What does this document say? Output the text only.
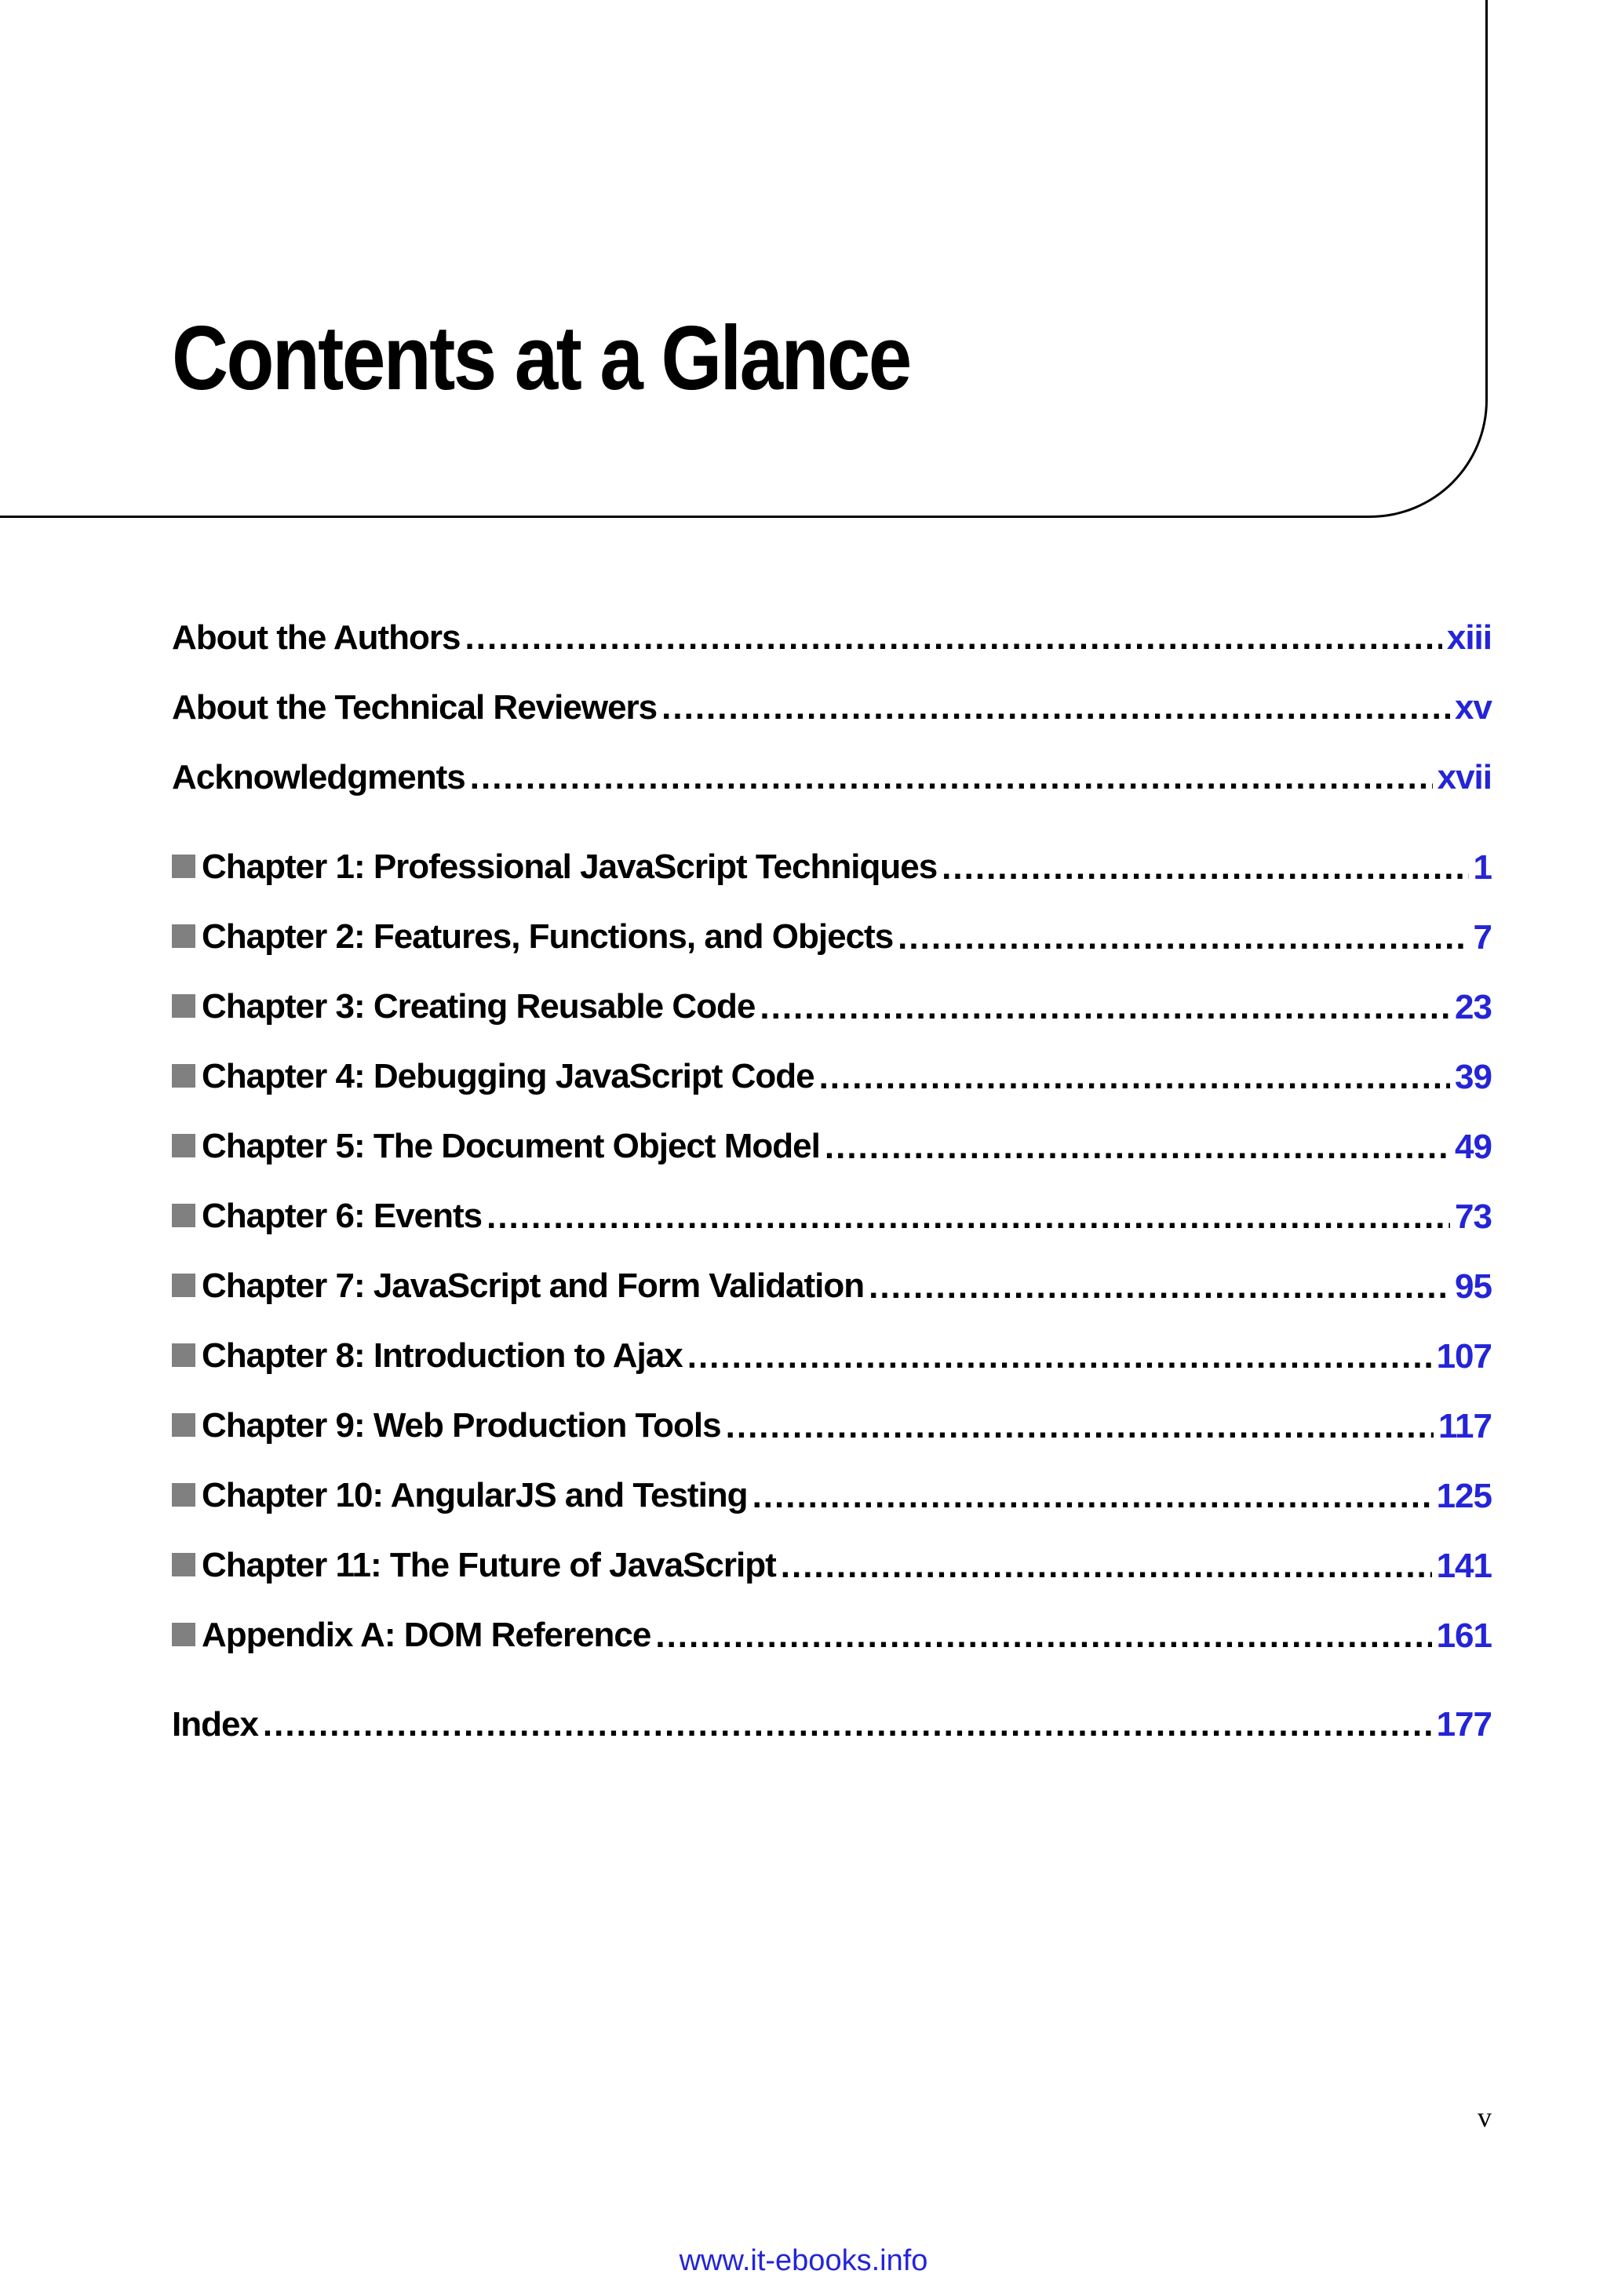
Contents at a Glance
About the Authors .....	xiii
About the Technical Reviewers .....	xv
Acknowledgments .....	xvii
Chapter 1: Professional JavaScript Techniques .....	1
Chapter 2: Features, Functions, and Objects .....	7
Chapter 3: Creating Reusable Code .....	23
Chapter 4: Debugging JavaScript Code .....	39
Chapter 5: The Document Object Model .....	49
Chapter 6: Events .....	73
Chapter 7: JavaScript and Form Validation .....	95
Chapter 8: Introduction to Ajax .....	107
Chapter 9: Web Production Tools .....	117
Chapter 10: AngularJS and Testing .....	125
Chapter 11: The Future of JavaScript .....	141
Appendix A: DOM Reference .....	161
Index .....	177
v
www.it-ebooks.info
